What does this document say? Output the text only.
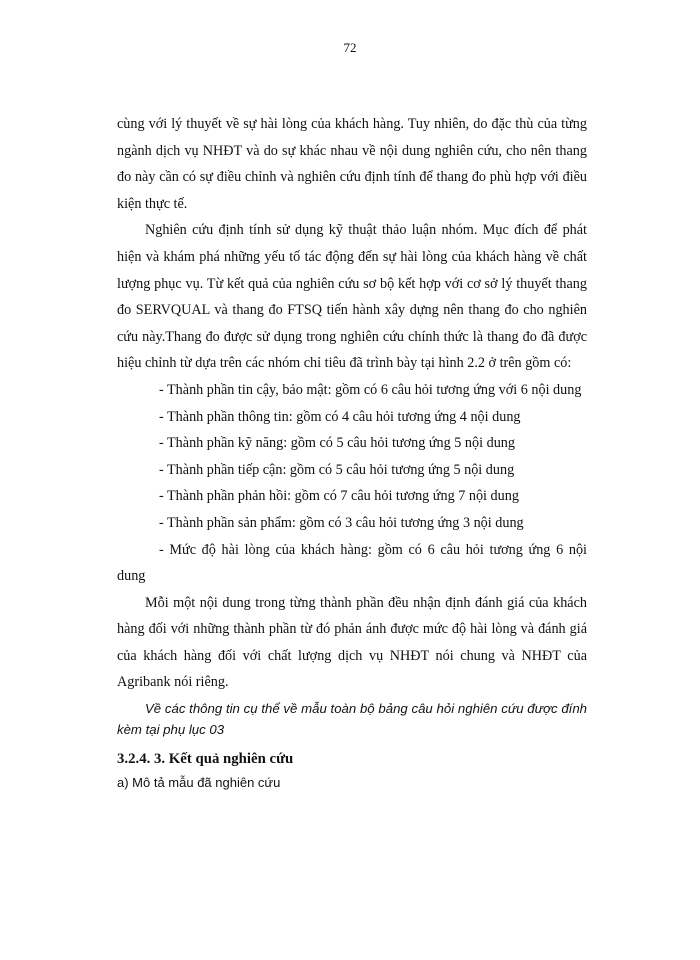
72

cùng với lý thuyết về sự hài lòng của khách hàng. Tuy nhiên, do đặc thù của từng ngành dịch vụ NHĐT và do sự khác nhau về nội dung nghiên cứu, cho nên thang đo này cần có sự điều chỉnh và nghiên cứu định tính để thang đo phù hợp với điều kiện thực tế.

Nghiên cứu định tính sử dụng kỹ thuật thảo luận nhóm. Mục đích để phát hiện và khám phá những yếu tố tác động đến sự hài lòng của khách hàng về chất lượng phục vụ. Từ kết quả của nghiên cứu sơ bộ kết hợp với cơ sở lý thuyết thang đo SERVQUAL và thang đo FTSQ tiến hành xây dựng nên thang đo cho nghiên cứu này.Thang đo được sử dụng trong nghiên cứu chính thức là thang đo đã được hiệu chỉnh từ dựa trên các nhóm chỉ tiêu đã trình bày tại hình 2.2 ở trên gồm có:

- Thành phần tin cậy, bảo mật: gồm có 6 câu hỏi tương ứng với 6 nội dung
- Thành phần thông tin: gồm có 4 câu hỏi tương ứng 4 nội dung
- Thành phần kỹ năng: gồm có 5 câu hỏi tương ứng 5 nội dung
- Thành phần tiếp cận: gồm có 5 câu hỏi tương ứng 5 nội dung
- Thành phần phản hồi: gồm có 7 câu hỏi tương ứng 7 nội dung
- Thành phần sản phẩm: gồm có 3 câu hỏi tương ứng 3 nội dung
- Mức độ hài lòng của khách hàng: gồm có 6 câu hỏi tương ứng 6 nội

dung

Mỗi một nội dung trong từng thành phần đều nhận định đánh giá của khách hàng đối với những thành phần từ đó phản ánh được mức độ hài lòng và đánh giá của khách hàng đối với chất lượng dịch vụ NHĐT nói chung và NHĐT của Agribank nói riêng.

Về các thông tin cụ thể về mẫu toàn bộ bảng câu hỏi nghiên cứu được đính kèm tại phụ lục 03

3.2.4. 3. Kết quả nghiên cứu

a) Mô tả mẫu đã nghiên cứu
